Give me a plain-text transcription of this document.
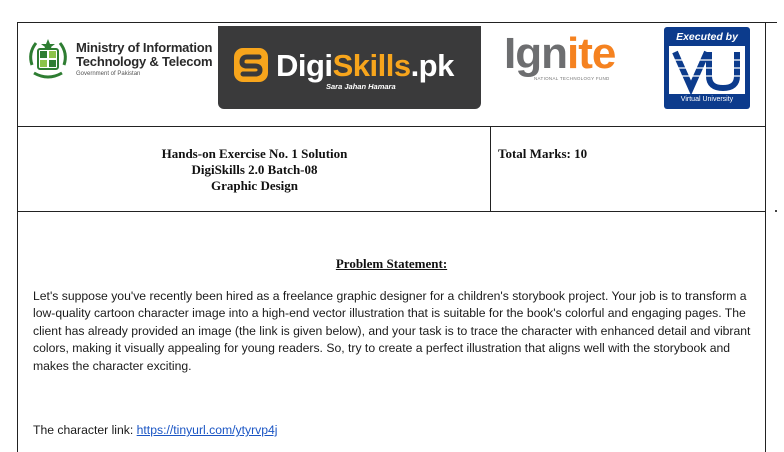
Ministry of Information
Technology & Telecom
Government of Pakistan	DigiSkills.pk
Sara Jahan Hamara
Ignite
NATIONAL TECHNOLOGY FUND
Executed by
Virtual University
Hands-on Exercise No. 1 Solution
DigiSkills 2.0 Batch-08
Graphic Design
Total Marks: 10
Problem Statement:
Let's suppose you've recently been hired as a freelance graphic designer for a children's storybook project. Your job is to transform a low-quality cartoon character image into a high-end vector illustration that is suitable for the book's colorful and engaging pages. The client has already provided an image (the link is given below), and your task is to trace the character with enhanced detail and vibrant colors, making it visually appealing for young readers. So, try to create a perfect illustration that aligns well with the storybook and makes the character exciting.
The character link: https://tinyurl.com/ytyrvp4j
